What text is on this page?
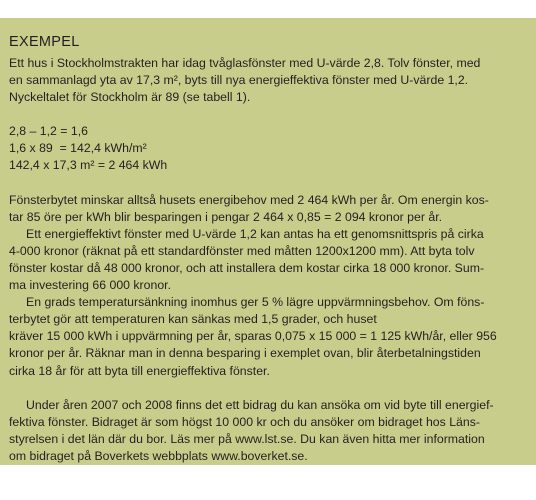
EXEMPEL
Ett hus i Stockholmstrakten har idag tvåglasfönster med U-värde 2,8. Tolv fönster, med
en sammanlagd yta av 17,3 m², byts till nya energieffektiva fönster med U-värde 1,2.
Nyckeltalet för Stockholm är 89 (se tabell 1).
2,8 – 1,2 = 1,6
1,6 x 89  = 142,4 kWh/m²
142,4 x 17,3 m² = 2 464 kWh
Fönsterbytet minskar alltså husets energibehov med 2 464 kWh per år. Om energin kos-
tar 85 öre per kWh blir besparingen i pengar 2 464 x 0,85 = 2 094 kronor per år.
Ett energieffektivt fönster med U-värde 1,2 kan antas ha ett genomsnittspris på cirka
4-000 kronor (räknat på ett standardfönster med måtten 1200x1200 mm). Att byta tolv
fönster kostar då 48 000 kronor, och att installera dem kostar cirka 18 000 kronor. Sum-
ma investering 66 000 kronor.
En grads temperatursänkning inomhus ger 5 % lägre uppvärmningsbehov. Om föns-
terbytet gör att temperaturen kan sänkas med 1,5 grader, och huset
kräver 15 000 kWh i uppvärmning per år, sparas 0,075 x 15 000 = 1 125 kWh/år, eller 956
kronor per år. Räknar man in denna besparing i exemplet ovan, blir återbetalningstiden
cirka 18 år för att byta till energieffektiva fönster.
Under åren 2007 och 2008 finns det ett bidrag du kan ansöka om vid byte till energief-
fektiva fönster. Bidraget är som högst 10 000 kr och du ansöker om bidraget hos Läns-
styrelsen i det län där du bor. Läs mer på www.lst.se. Du kan även hitta mer information
om bidraget på Boverkets webbplats www.boverket.se.
